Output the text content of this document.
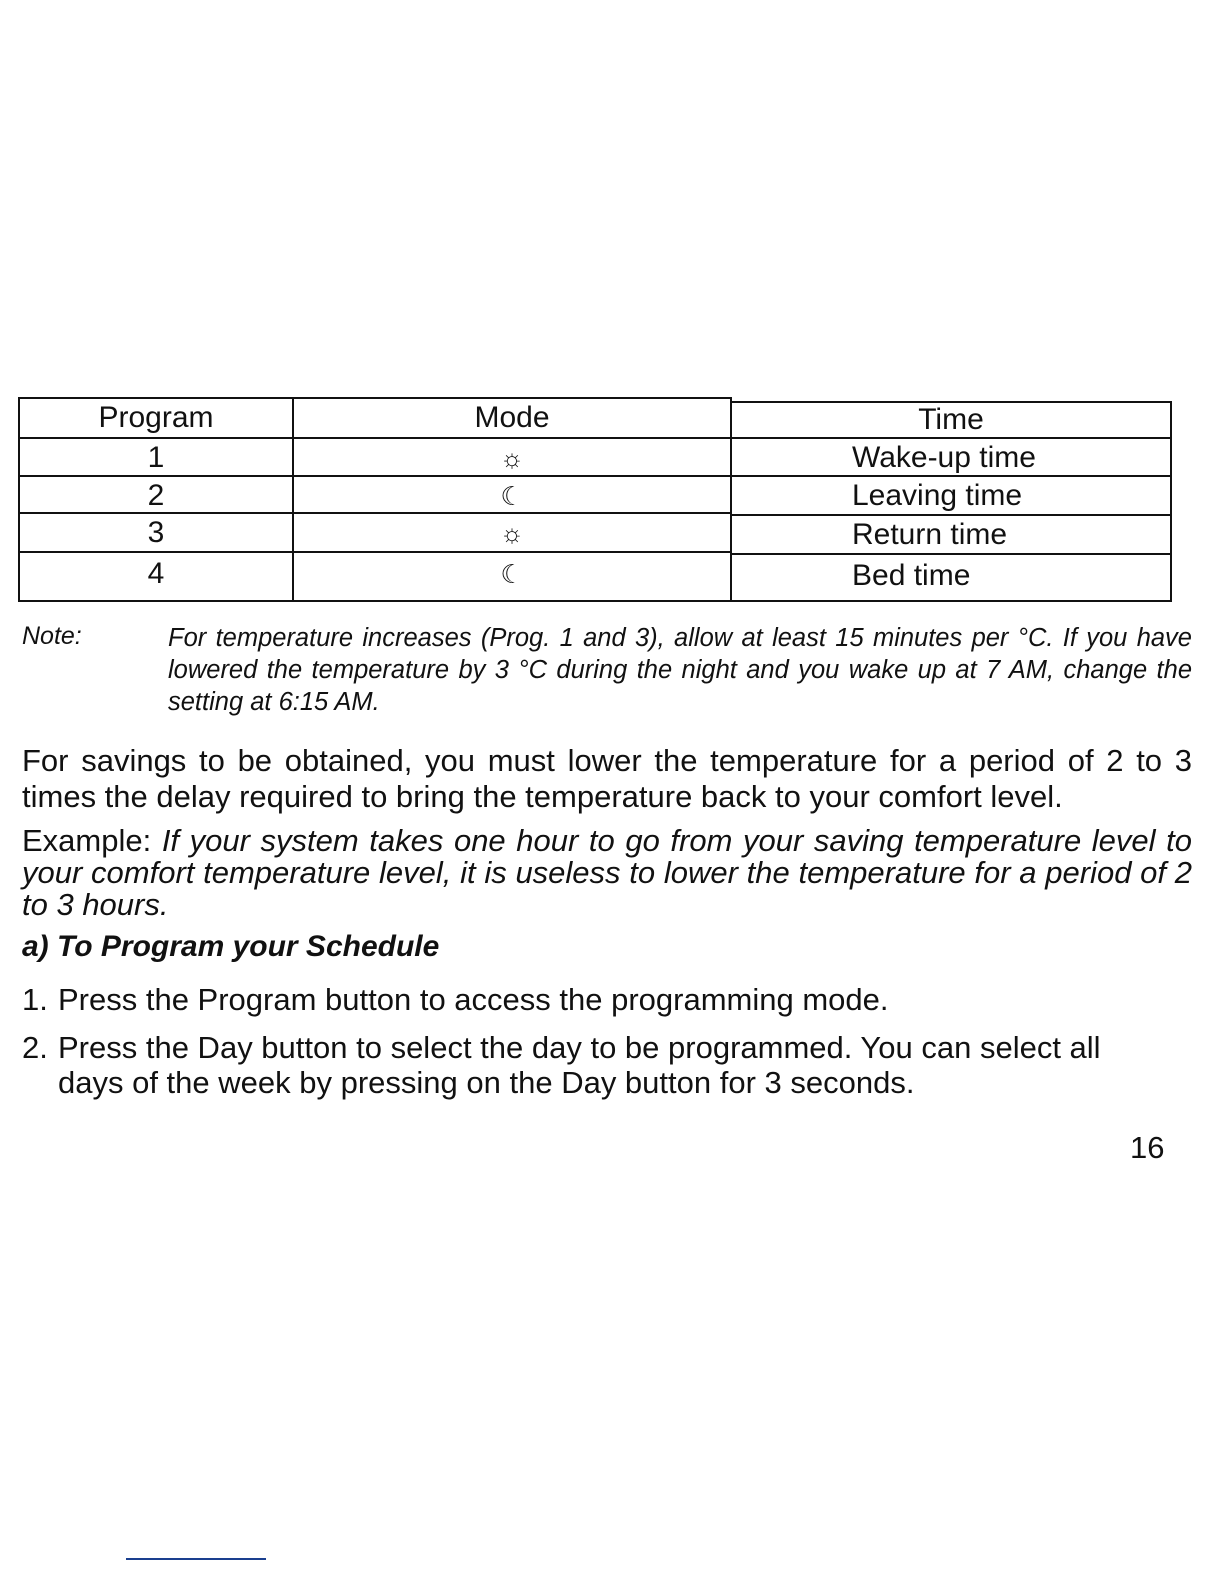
Program
1
2
3
4
Mode
☼
☾
☼
☾
Time
Wake-up time
Leaving time
Return time
Bed time
Note:	For temperature increases (Prog. 1 and 3), allow at least 15 minutes per °C. If you have lowered the temperature by 3 °C during the night and you wake up at 7 AM, change the setting at 6:15 AM.
For savings to be obtained, you must lower the temperature for a period of 2 to 3 times the delay required to bring the temperature back to your comfort level.
Example: If your system takes one hour to go from your saving temperature level to your comfort temperature level, it is useless to lower the temperature for a period of 2 to 3 hours.
a) To Program your Schedule
1. Press the Program button to access the programming mode.
2. Press the Day button to select the day to be programmed. You can select all days of the week by pressing on the Day button for 3 seconds.
16
